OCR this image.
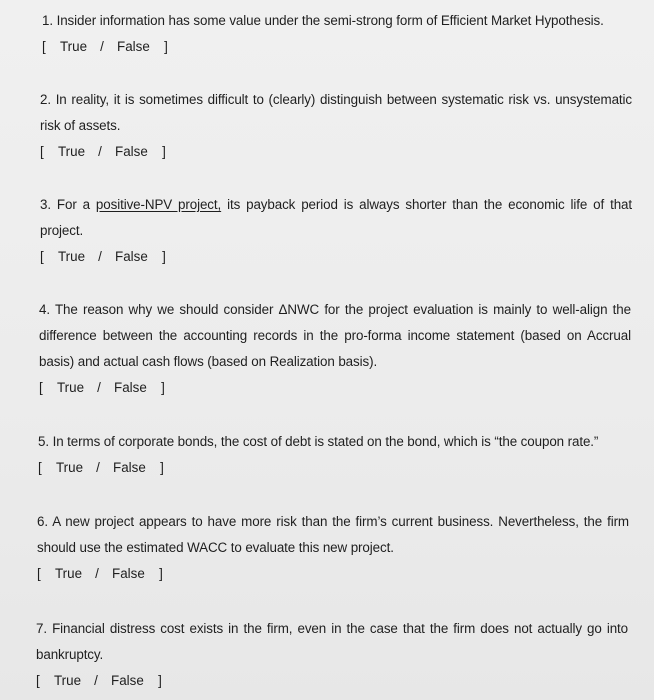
1. Insider information has some value under the semi-strong form of Efficient Market Hypothesis.
[ True / False ]
2. In reality, it is sometimes difficult to (clearly) distinguish between systematic risk vs. unsystematic risk of assets.
[ True / False ]
3. For a positive-NPV project, its payback period is always shorter than the economic life of that project.
[ True / False ]
4. The reason why we should consider ΔNWC for the project evaluation is mainly to well-align the difference between the accounting records in the pro-forma income statement (based on Accrual basis) and actual cash flows (based on Realization basis).
[ True / False ]
5. In terms of corporate bonds, the cost of debt is stated on the bond, which is “the coupon rate.”
[ True / False ]
6. A new project appears to have more risk than the firm’s current business. Nevertheless, the firm should use the estimated WACC to evaluate this new project.
[ True / False ]
7. Financial distress cost exists in the firm, even in the case that the firm does not actually go into bankruptcy.
[ True / False ]
